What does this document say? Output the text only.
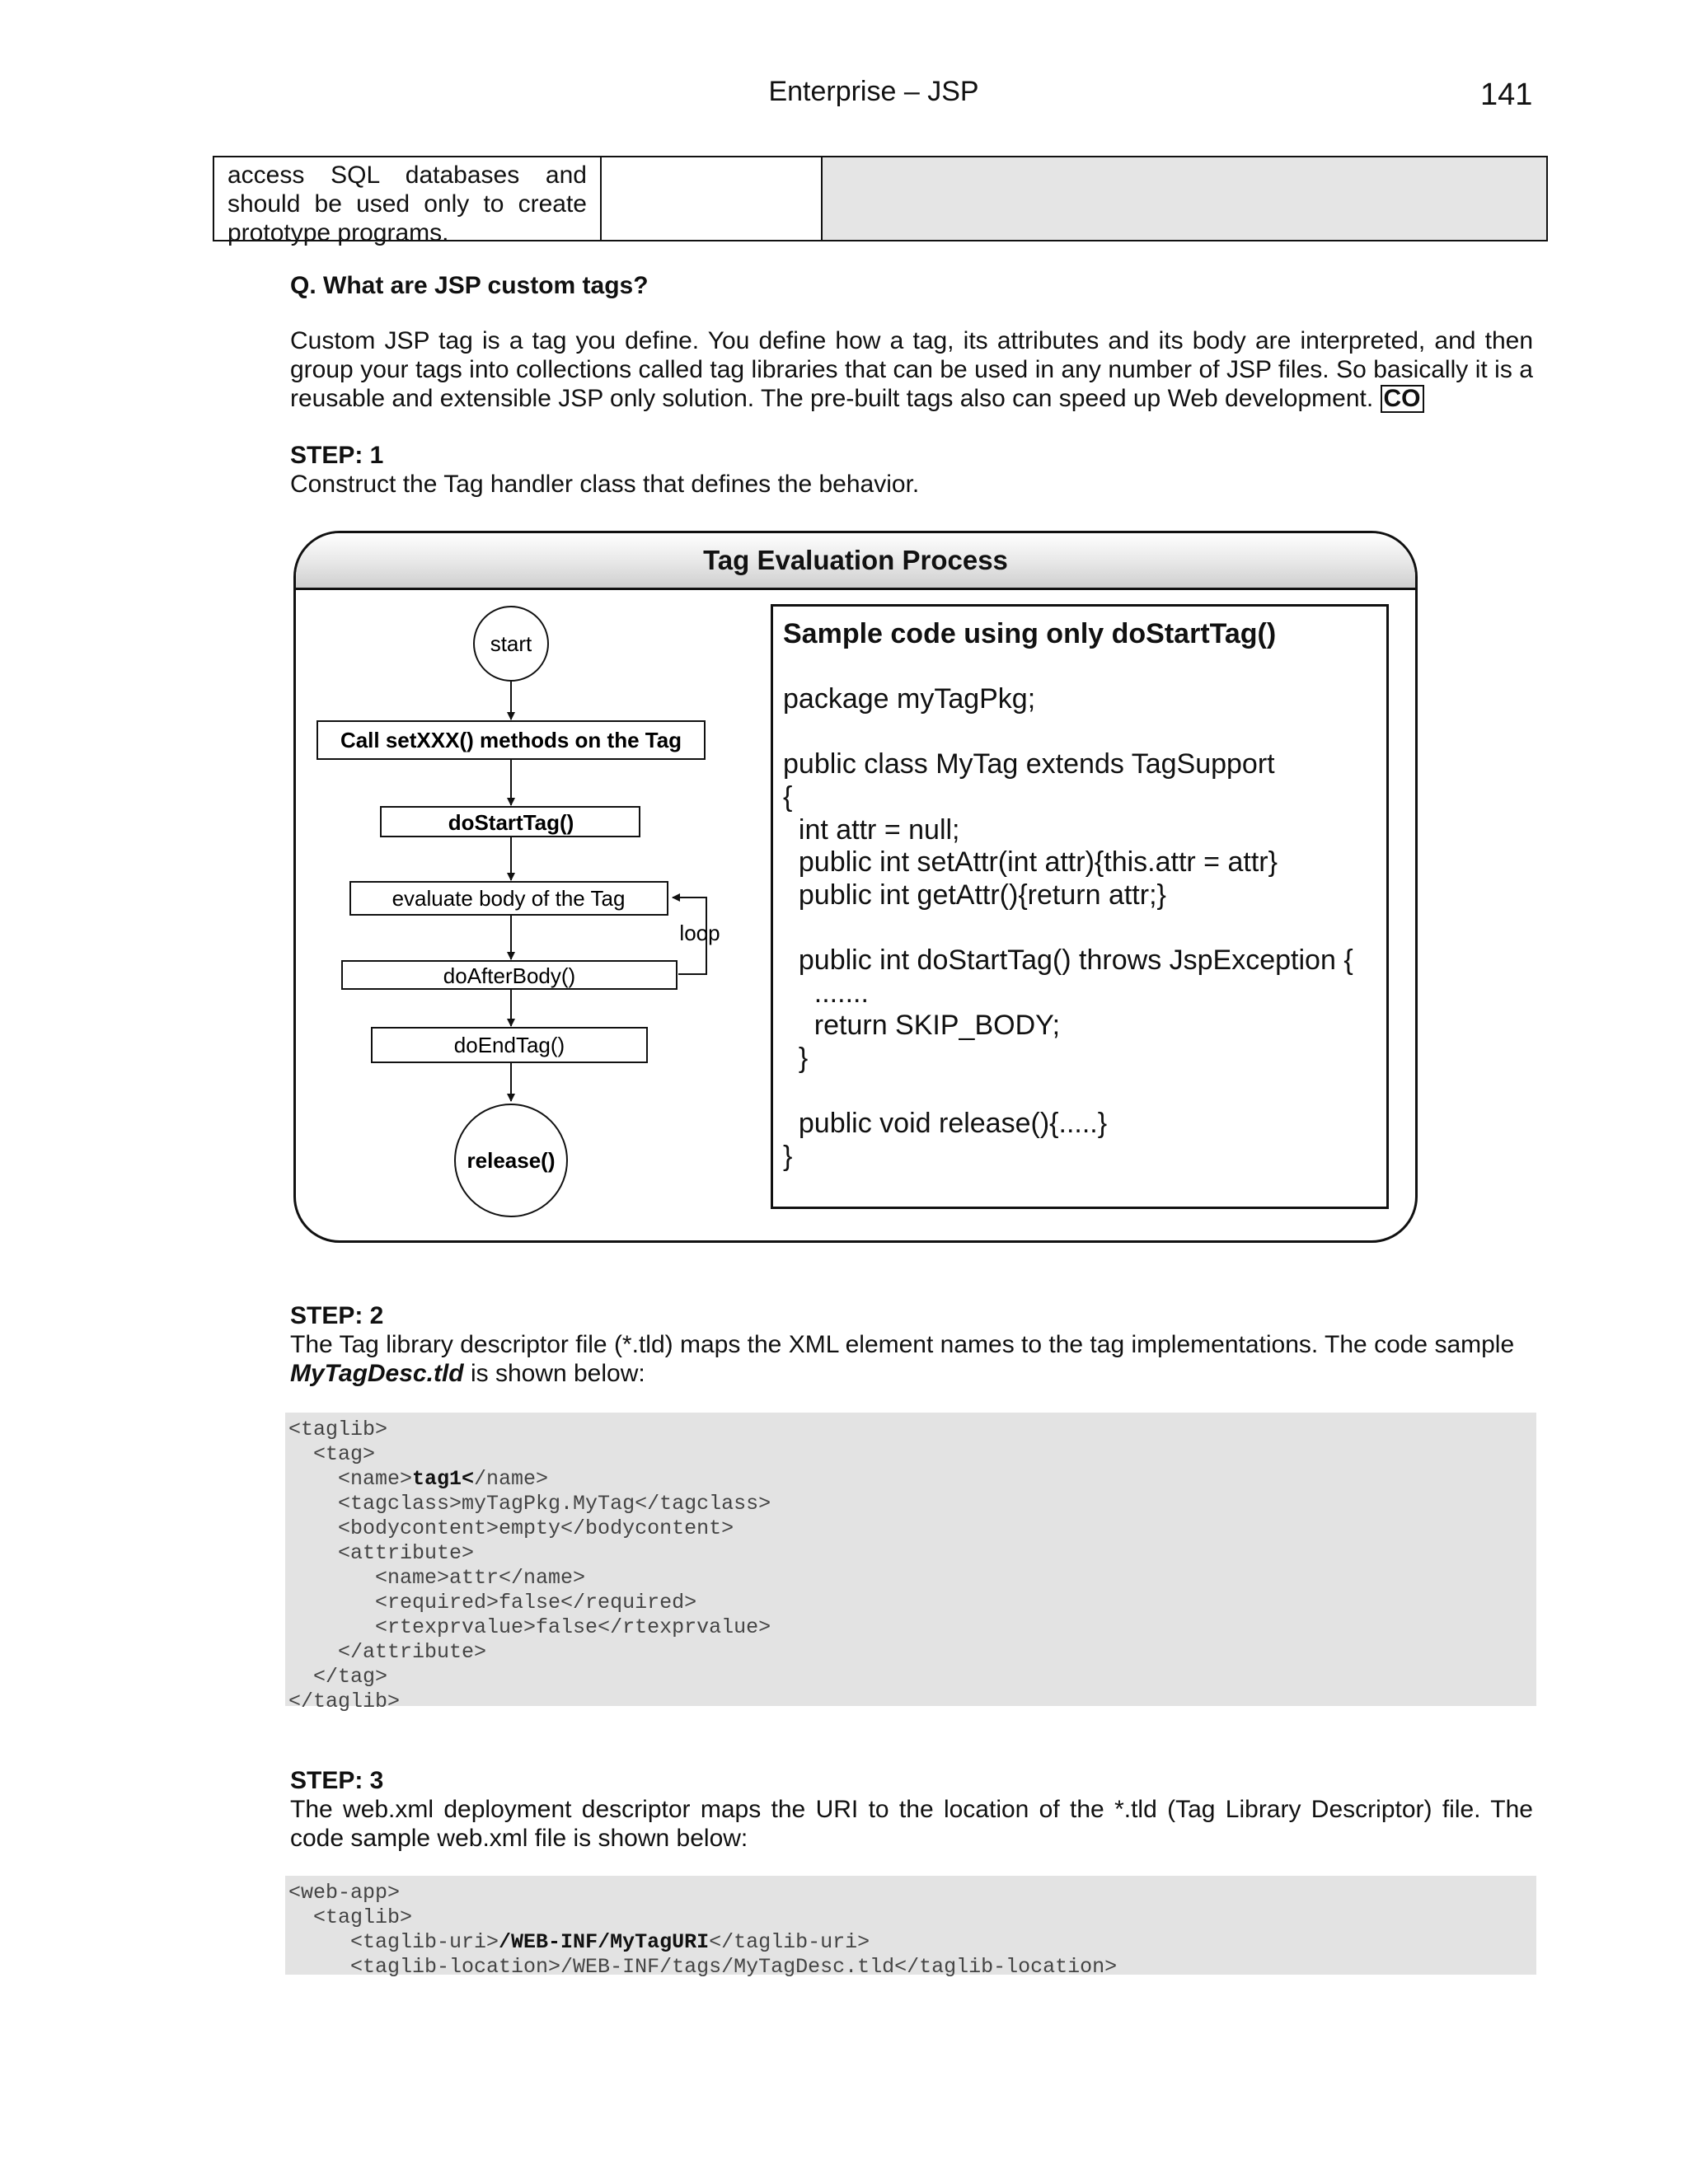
Enterprise – JSP	141
access SQL databases and should be used only to create prototype programs.
Q. What are JSP custom tags?
Custom JSP tag is a tag you define. You define how a tag, its attributes and its body are interpreted, and then group your tags into collections called tag libraries that can be used in any number of JSP files. So basically it is a reusable and extensible JSP only solution. The pre-built tags also can speed up Web development. CO
STEP: 1
Construct the Tag handler class that defines the behavior.
Tag Evaluation Process
start
Call setXXX() methods on the Tag
doStartTag()
evaluate body of the Tag
loop
doAfterBody()
doEndTag()
release()
Sample code using only doStartTag()
package myTagPkg;
public class MyTag extends TagSupport
{
int attr = null;
public int setAttr(int attr){this.attr = attr}
public int getAttr(){return attr;}
public int doStartTag() throws JspException {
.......
return SKIP_BODY;
}
public void release(){.....}
}
STEP: 2
The Tag library descriptor file (*.tld) maps the XML element names to the tag implementations. The code sample
MyTagDesc.tld is shown below:
<taglib>
<tag>
<name>tag1</name>
<tagclass>myTagPkg.MyTag</tagclass>
<bodycontent>empty</bodycontent>
<attribute>
<name>attr</name>
<required>false</required>
<rtexprvalue>false</rtexprvalue>
</attribute>
</tag>
</taglib>
STEP: 3
The web.xml deployment descriptor maps the URI to the location of the *.tld (Tag Library Descriptor) file. The code sample web.xml file is shown below:
<web-app>
<taglib>
<taglib-uri>/WEB-INF/MyTagURI</taglib-uri>
<taglib-location>/WEB-INF/tags/MyTagDesc.tld</taglib-location>
